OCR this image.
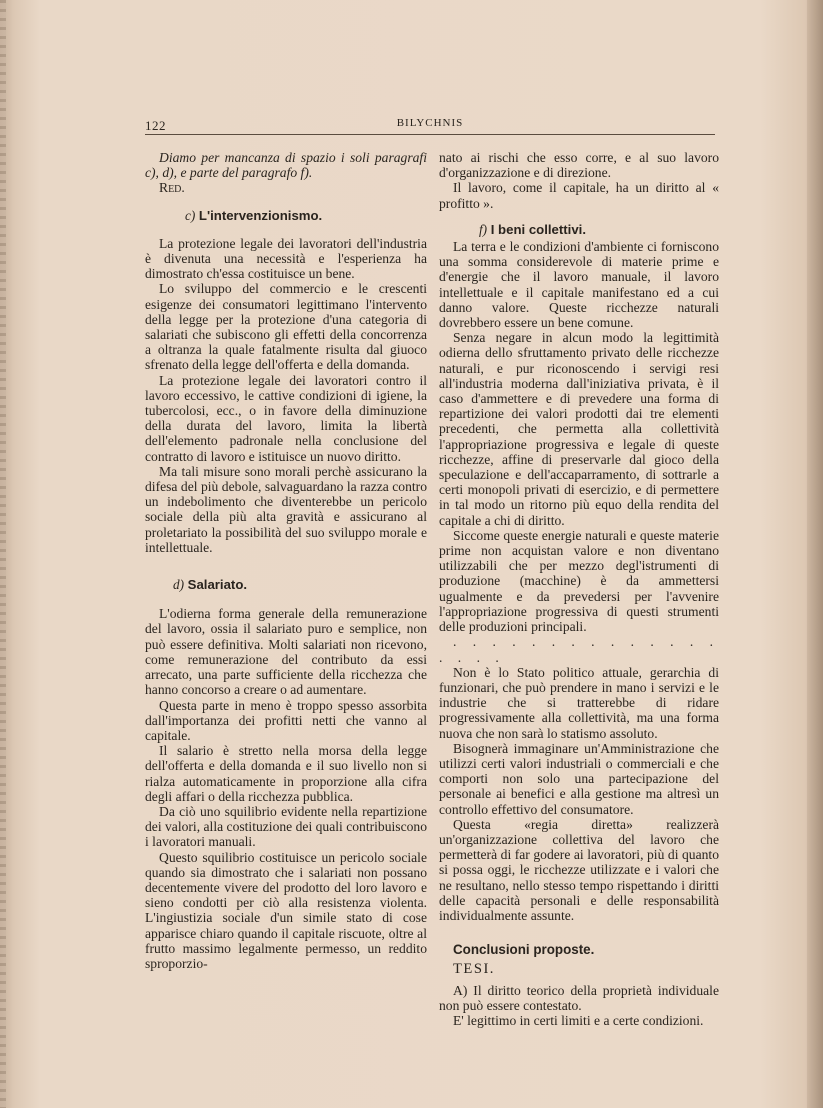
122	BILYCHNIS

Diamo per mancanza di spazio i soli paragrafi c), d), e parte del paragrafo f).

Red.

c) L'intervenzionismo.

La protezione legale dei lavoratori dell'industria è divenuta una necessità e l'esperienza ha dimostrato ch'essa costituisce un bene.

Lo sviluppo del commercio e le crescenti esigenze dei consumatori legittimano l'intervento della legge per la protezione d'una categoria di salariati che subiscono gli effetti della concorrenza a oltranza la quale fatalmente risulta dal giuoco sfrenato della legge dell'offerta e della domanda.

La protezione legale dei lavoratori contro il lavoro eccessivo, le cattive condizioni di igiene, la tubercolosi, ecc., o in favore della diminuzione della durata del lavoro, limita la libertà dell'elemento padronale nella conclusione del contratto di lavoro e istituisce un nuovo diritto.

Ma tali misure sono morali perchè assicurano la difesa del più debole, salvaguardano la razza contro un indebolimento che diventerebbe un pericolo sociale della più alta gravità e assicurano al proletariato la possibilità del suo sviluppo morale e intellettuale.

d) Salariato.

L'odierna forma generale della remunerazione del lavoro, ossia il salariato puro e semplice, non può essere definitiva. Molti salariati non ricevono, come remunerazione del contributo da essi arrecato, una parte sufficiente della ricchezza che hanno concorso a creare o ad aumentare.

Questa parte in meno è troppo spesso assorbita dall'importanza dei profitti netti che vanno al capitale.

Il salario è stretto nella morsa della legge dell'offerta e della domanda e il suo livello non si rialza automaticamente in proporzione alla cifra degli affari o della ricchezza pubblica.

Da ciò uno squilibrio evidente nella repartizione dei valori, alla costituzione dei quali contribuiscono i lavoratori manuali.

Questo squilibrio costituisce un pericolo sociale quando sia dimostrato che i salariati non possano decentemente vivere del prodotto del loro lavoro e sieno condotti per ciò alla resistenza violenta. L'ingiustizia sociale d'un simile stato di cose apparisce chiaro quando il capitale riscuote, oltre al frutto massimo legalmente permesso, un reddito sproporzio-

nato ai rischi che esso corre, e al suo lavoro d'organizzazione e di direzione.

Il lavoro, come il capitale, ha un diritto al « profitto ».

f) I beni collettivi.

La terra e le condizioni d'ambiente ci forniscono una somma considerevole di materie prime e d'energie che il lavoro manuale, il lavoro intellettuale e il capitale manifestano ed a cui danno valore. Queste ricchezze naturali dovrebbero essere un bene comune.

Senza negare in alcun modo la legittimità odierna dello sfruttamento privato delle ricchezze naturali, e pur riconoscendo i servigi resi all'industria moderna dall'iniziativa privata, è il caso d'ammettere e di prevedere una forma di repartizione dei valori prodotti dai tre elementi precedenti, che permetta alla collettività l'appropriazione progressiva e legale di queste ricchezze, affine di preservarle dal gioco della speculazione e dell'accaparramento, di sottrarle a certi monopoli privati di esercizio, e di permettere in tal modo un ritorno più equo della rendita del capitale a chi di diritto.

Siccome queste energie naturali e queste materie prime non acquistan valore e non diventano utilizzabili che per mezzo degl'istrumenti di produzione (macchine) è da ammettersi ugualmente e da prevedersi per l'avvenire l'appropriazione progressiva di questi strumenti delle produzioni principali.

. . . . . . . . . . . . . . . . . .

Non è lo Stato politico attuale, gerarchia di funzionari, che può prendere in mano i servizi e le industrie che si tratterebbe di ridare progressivamente alla collettività, ma una forma nuova che non sarà lo statismo assoluto.

Bisognerà immaginare un'Amministrazione che utilizzi certi valori industriali o commerciali e che comporti non solo una partecipazione del personale ai benefici e alla gestione ma altresì un controllo effettivo del consumatore.

Questa «regia diretta» realizzerà un'organizzazione collettiva del lavoro che permetterà di far godere ai lavoratori, più di quanto si possa oggi, le ricchezze utilizzate e i valori che ne resultano, nello stesso tempo rispettando i diritti delle capacità personali e delle responsabilità individualmente assunte.

Conclusioni proposte.

TESI.

A) Il diritto teorico della proprietà individuale non può essere contestato.

E' legittimo in certi limiti e a certe condizioni.
